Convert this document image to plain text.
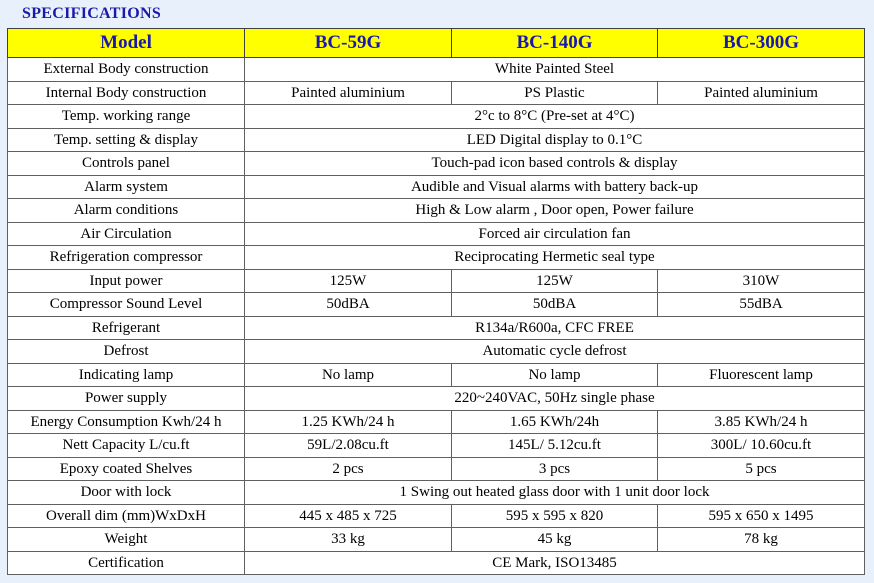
SPECIFICATIONS
Model	BC-59G	BC-140G	BC-300G
External Body construction	White Painted Steel		
Internal Body construction	Painted aluminium	PS Plastic	Painted aluminium
Temp. working range	2°c to 8°C (Pre-set at 4°C)		
Temp. setting & display	LED Digital display to 0.1°C		
Controls panel	Touch-pad icon based controls & display		
Alarm system	Audible and Visual alarms with battery back-up		
Alarm conditions	High & Low alarm , Door open, Power failure		
Air Circulation	Forced air circulation fan		
Refrigeration compressor	Reciprocating Hermetic seal type		
Input power	125W	125W	310W
Compressor Sound Level	50dBA	50dBA	55dBA
Refrigerant	R134a/R600a, CFC FREE		
Defrost	Automatic cycle defrost		
Indicating lamp	No lamp	No lamp	Fluorescent lamp
Power supply	220~240VAC, 50Hz single phase		
Energy Consumption Kwh/24 h	1.25 KWh/24 h	1.65 KWh/24h	3.85 KWh/24 h
Nett Capacity L/cu.ft	59L/2.08cu.ft	145L/ 5.12cu.ft	300L/ 10.60cu.ft
Epoxy coated Shelves	2 pcs	3 pcs	5 pcs
Door with lock	1 Swing out heated glass door with 1 unit door lock		
Overall dim (mm)WxDxH	445 x 485 x 725	595 x 595 x 820	595 x 650 x 1495
Weight	33 kg	45 kg	78 kg
Certification	CE Mark, ISO13485		
